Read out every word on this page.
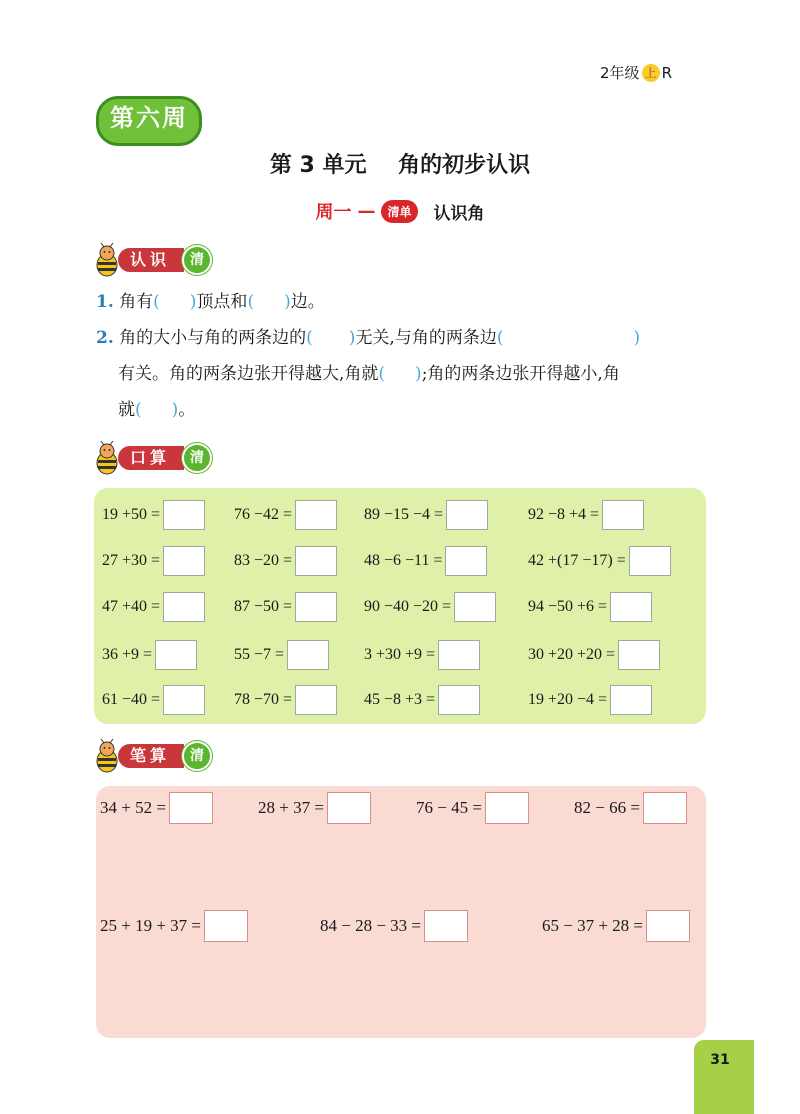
2年级 上 R
第六周
第 3 单元 角的初步认识
周一 —	清单	认识角
认识	清
1. 角有( )顶点和( )边。
2. 角的大小与角的两条边的( )无关,与角的两条边(	)
有关。角的两条边张开得越大,角就( );角的两条边张开得越小,角
就( )。
口算	清
19 +50 =	76 −42 =	89 −15 −4 =	92 −8 +4 =
27 +30 =	83 −20 =	48 −6 −11 =	42 +(17 −17) =
47 +40 =	87 −50 =	90 −40 −20 =	94 −50 +6 =
36 +9 =	55 −7 =	3 +30 +9 =	30 +20 +20 =
61 −40 =	78 −70 =	45 −8 +3 =	19 +20 −4 =
笔算	清
34 + 52 =	28 + 37 =	76 − 45 =	82 − 66 =
25 + 19 + 37 =	84 − 28 − 33 =	65 − 37 + 28 =
31
